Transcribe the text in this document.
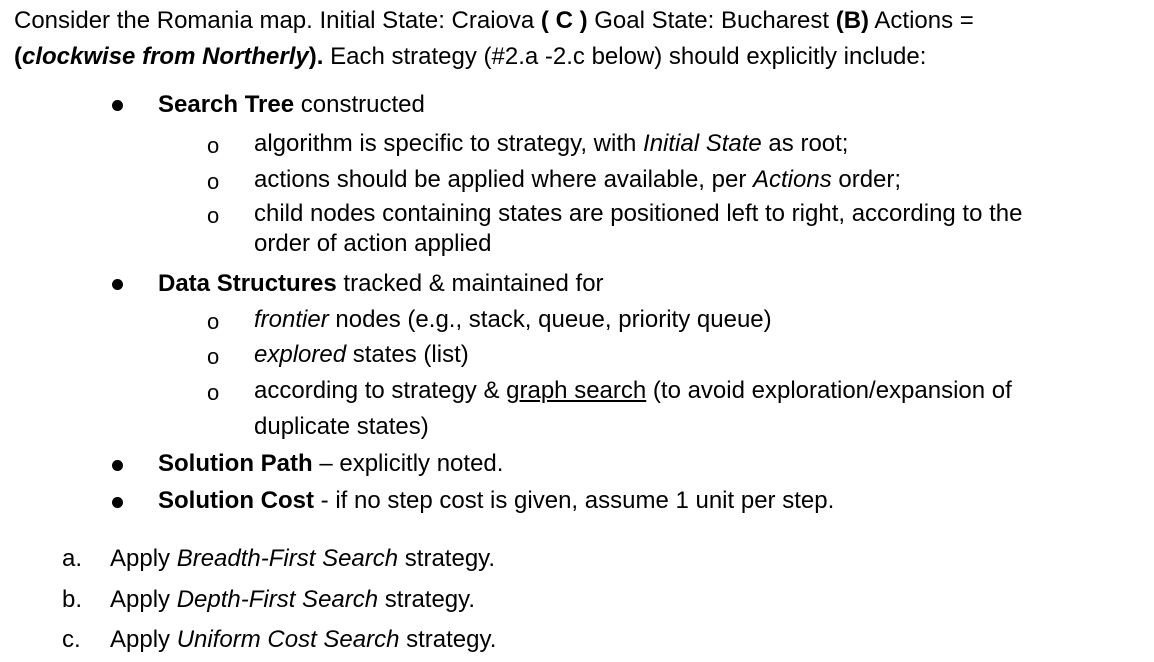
Consider the Romania map. Initial State: Craiova ( C ) Goal State: Bucharest (B) Actions =
(clockwise from Northerly). Each strategy (#2.a -2.c below) should explicitly include:
Search Tree constructed
o algorithm is specific to strategy, with Initial State as root;
o actions should be applied where available, per Actions order;
o child nodes containing states are positioned left to right, according to the
order of action applied
Data Structures tracked & maintained for
o frontier nodes (e.g., stack, queue, priority queue)
o explored states (list)
o according to strategy & graph search (to avoid exploration/expansion of
duplicate states)
Solution Path – explicitly noted.
Solution Cost - if no step cost is given, assume 1 unit per step.
a. Apply Breadth-First Search strategy.
b. Apply Depth-First Search strategy.
c. Apply Uniform Cost Search strategy.
